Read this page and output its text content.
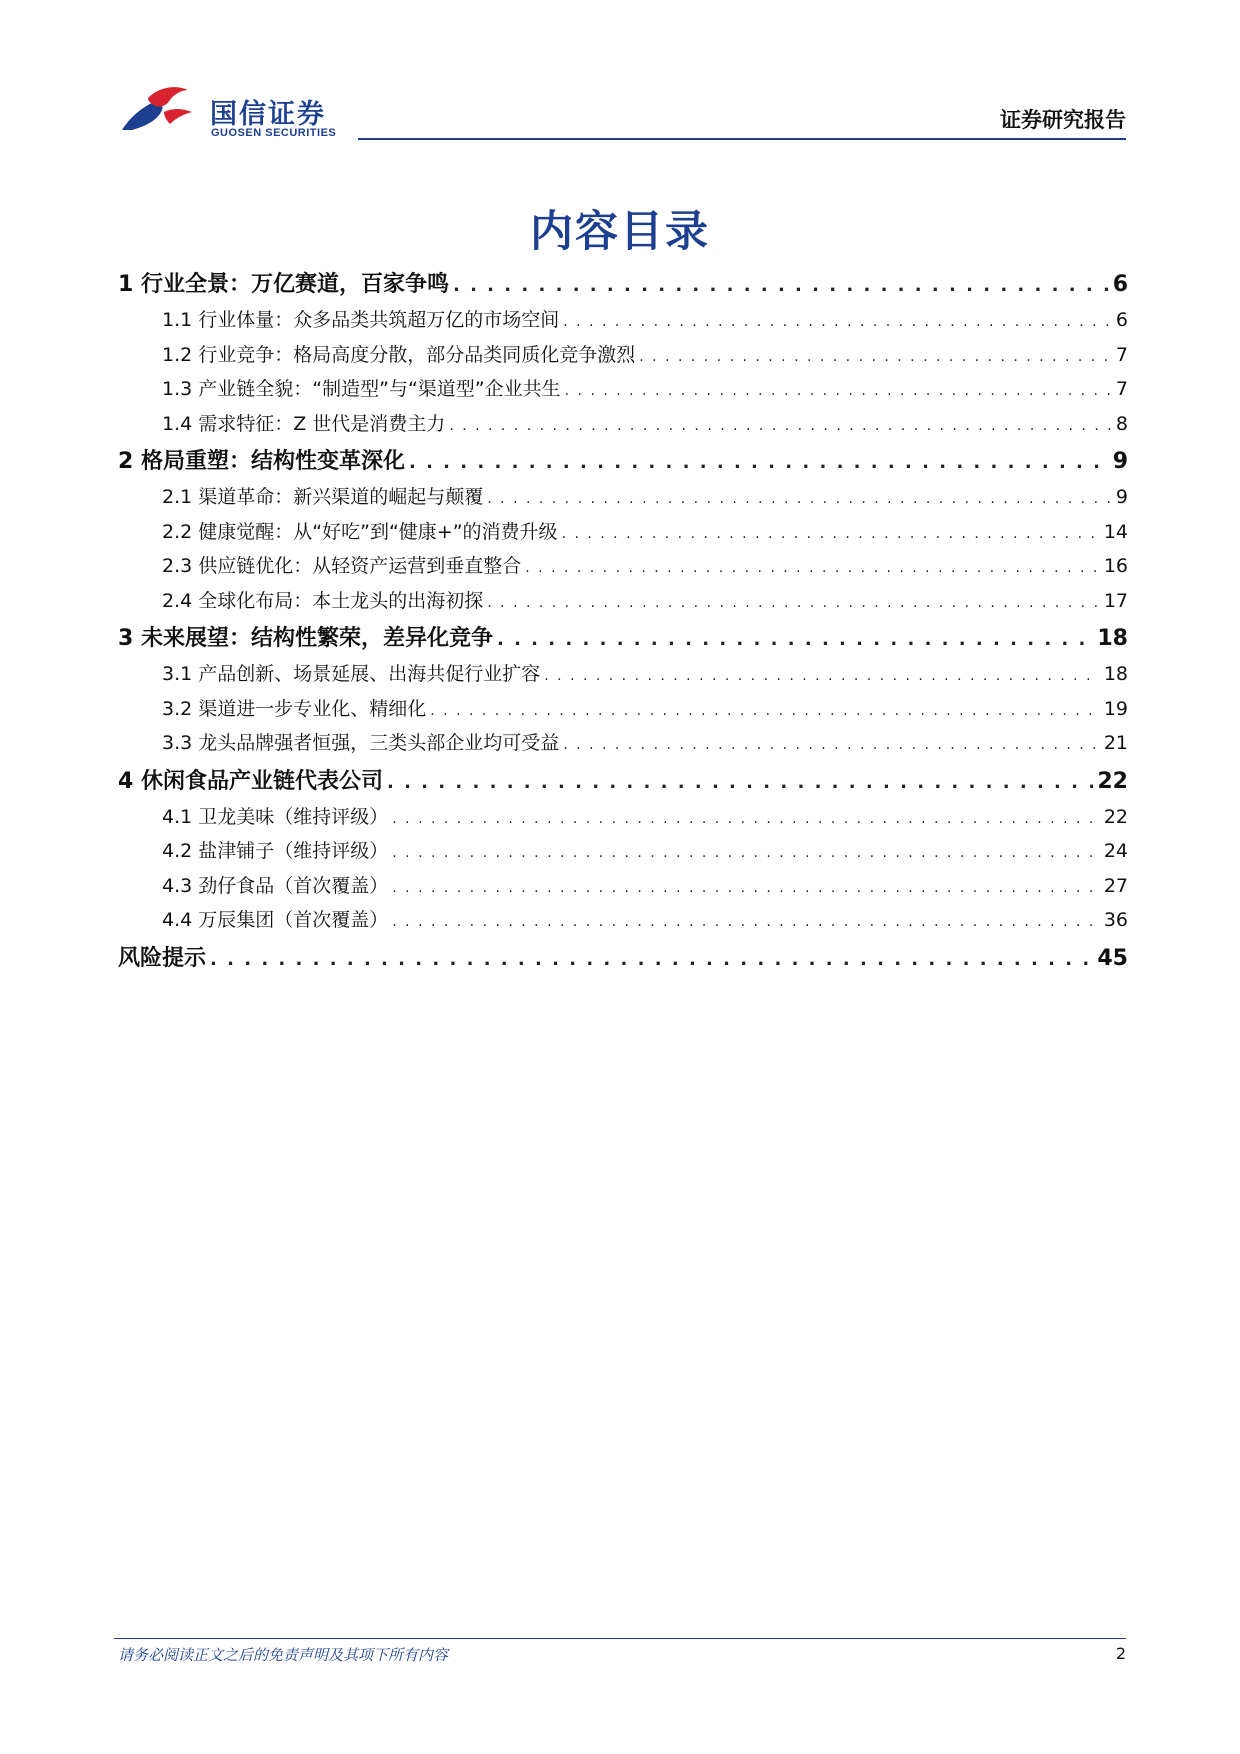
国信证券
GUOSEN SECURITIES
证券研究报告
内容目录
1 行业全景：万亿赛道，百家争鸣 . . .	6
1.1 行业体量：众多品类共筑超万亿的市场空间 . . .	6
1.2 行业竞争：格局高度分散，部分品类同质化竞争激烈 . . .	7
1.3 产业链全貌：“制造型”与“渠道型”企业共生 . . .	7
1.4 需求特征：Z 世代是消费主力 . . .	8
2 格局重塑：结构性变革深化 . . .	9
2.1 渠道革命：新兴渠道的崛起与颠覆 . . .	9
2.2 健康觉醒：从“好吃”到“健康+”的消费升级 . . .	14
2.3 供应链优化：从轻资产运营到垂直整合 . . .	16
2.4 全球化布局：本土龙头的出海初探 . . .	17
3 未来展望：结构性繁荣，差异化竞争 . . .	18
3.1 产品创新、场景延展、出海共促行业扩容 . . .	18
3.2 渠道进一步专业化、精细化 . . .	19
3.3 龙头品牌强者恒强，三类头部企业均可受益 . . .	21
4 休闲食品产业链代表公司 . . .	22
4.1 卫龙美味（维持评级） . . .	22
4.2 盐津铺子（维持评级） . . .	24
4.3 劲仔食品（首次覆盖） . . .	27
4.4 万辰集团（首次覆盖） . . .	36
风险提示 . . .	45
请务必阅读正文之后的免责声明及其项下所有内容	2
